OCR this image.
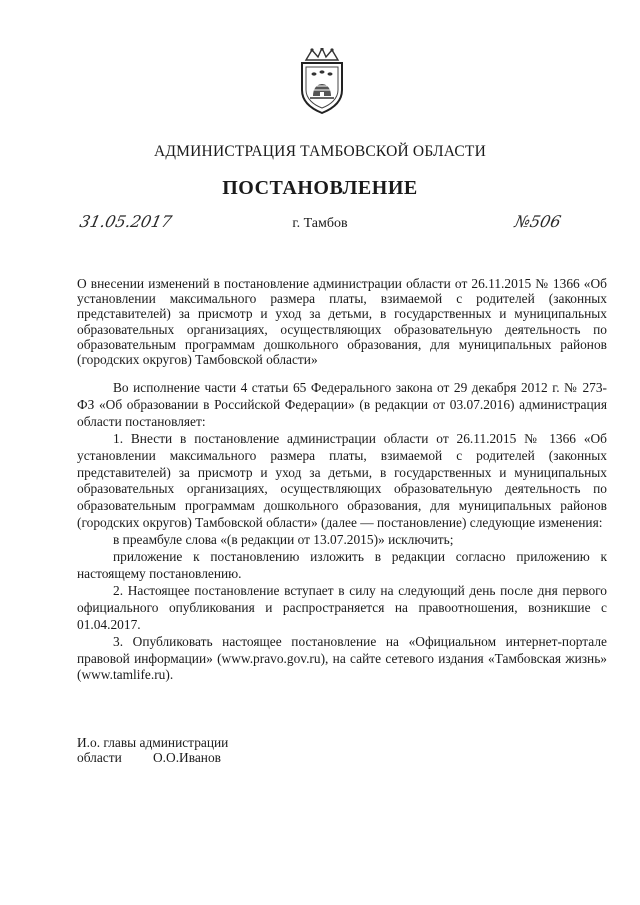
АДМИНИСТРАЦИЯ ТАМБОВСКОЙ ОБЛАСТИ
ПОСТАНОВЛЕНИЕ
31.05.2017	г. Тамбов	№506
О внесении изменений в постановление администрации области от 26.11.2015 № 1366 «Об установлении максимального размера платы, взимаемой с родителей (законных представителей) за присмотр и уход за детьми, в государственных и муниципальных образовательных организациях, осуществляющих образовательную деятельность по образовательным программам дошкольного образования, для муниципальных районов (городских округов) Тамбовской области»

Во исполнение части 4 статьи 65 Федерального закона от 29 декабря 2012 г. № 273-ФЗ «Об образовании в Российской Федерации» (в редакции от 03.07.2016) администрация области постановляет:

1. Внести в постановление администрации области от 26.11.2015 № 1366 «Об установлении максимального размера платы, взимаемой с родителей (законных представителей) за присмотр и уход за детьми, в государственных и муниципальных образовательных организациях, осуществляющих образовательную деятельность по образовательным программам дошкольного образования, для муниципальных районов (городских округов) Тамбовской области» (далее — постановление) следующие изменения:

в преамбуле слова «(в редакции от 13.07.2015)» исключить;

приложение к постановлению изложить в редакции согласно приложению к настоящему постановлению.

2. Настоящее постановление вступает в силу на следующий день после дня первого официального опубликования и распространяется на правоотношения, возникшие с 01.04.2017.

3. Опубликовать настоящее постановление на «Официальном интернет-портале правовой информации» (www.pravo.gov.ru), на сайте сетевого издания «Тамбовская жизнь» (www.tamlife.ru).

И.о. главы администрации
области	О.О.Иванов
